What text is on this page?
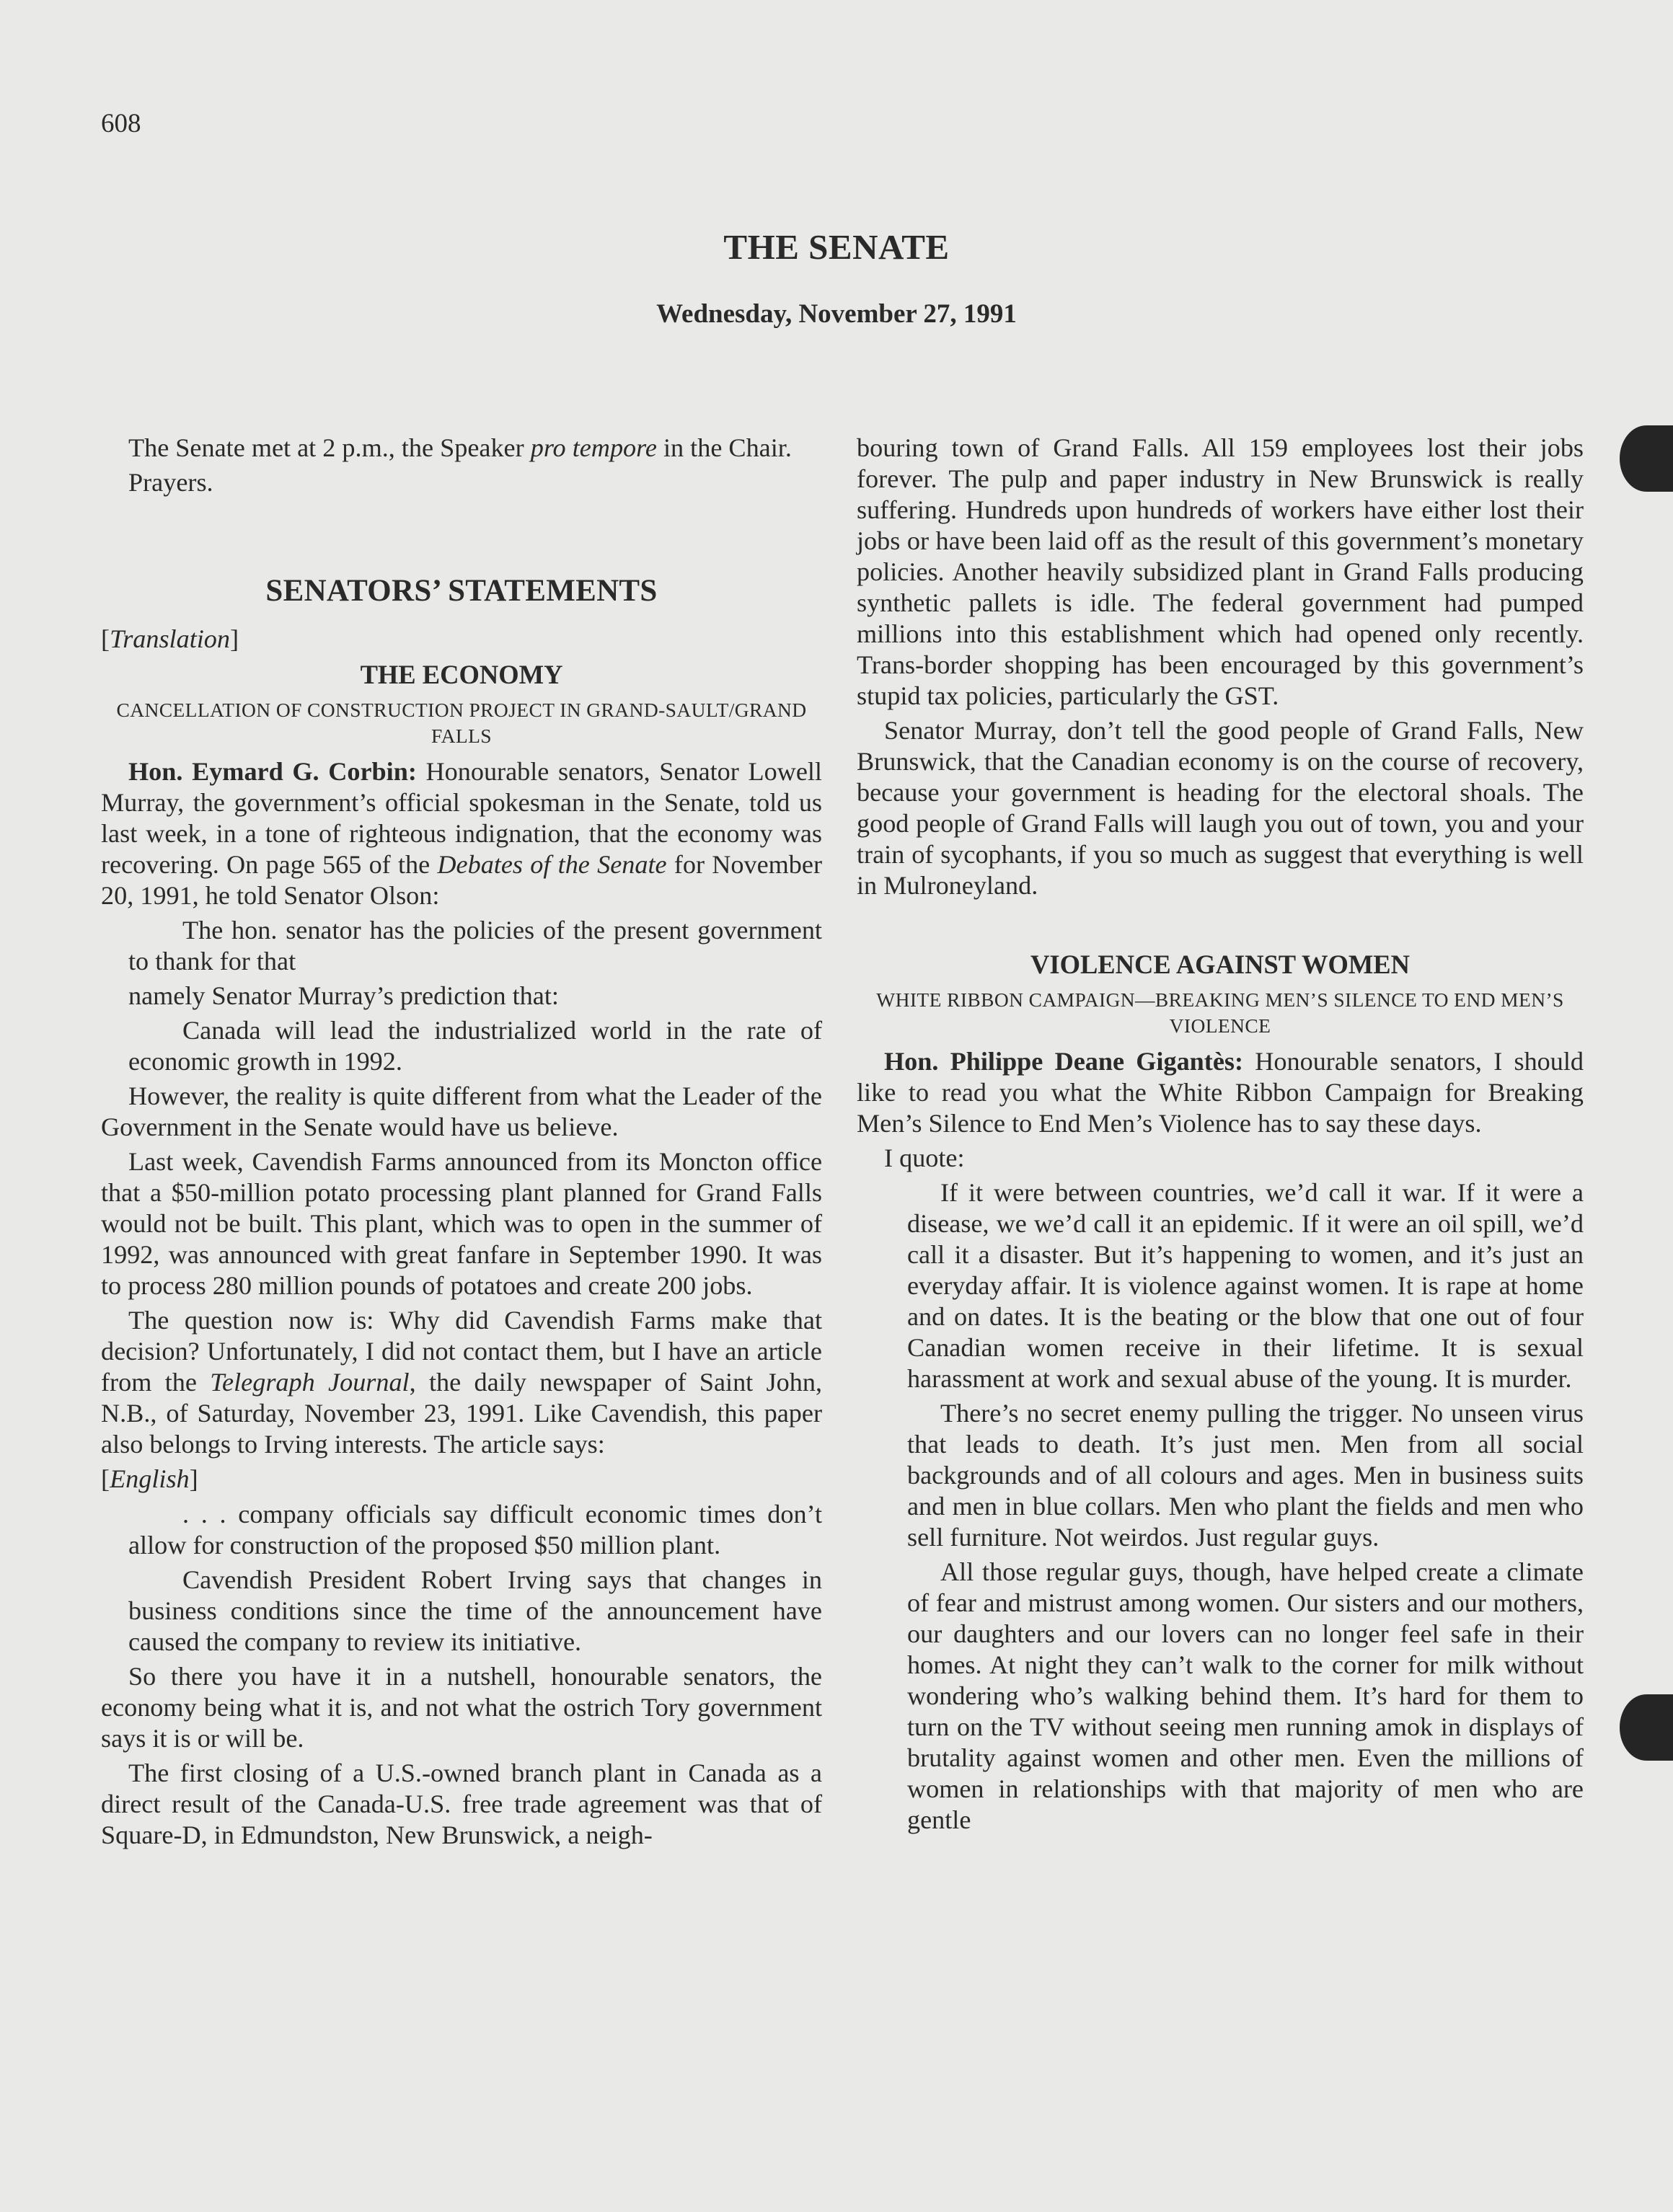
608
THE SENATE
Wednesday, November 27, 1991

The Senate met at 2 p.m., the Speaker pro tempore in the Chair.

Prayers.

SENATORS’ STATEMENTS
[Translation]
THE ECONOMY
CANCELLATION OF CONSTRUCTION PROJECT IN GRAND-SAULT/GRAND FALLS

Hon. Eymard G. Corbin: Honourable senators, Senator Lowell Murray, the government’s official spokesman in the Senate, told us last week, in a tone of righteous indignation, that the economy was recovering. On page 565 of the Debates of the Senate for November 20, 1991, he told Senator Olson:

The hon. senator has the policies of the present government to thank for that

namely Senator Murray’s prediction that:

Canada will lead the industrialized world in the rate of economic growth in 1992.

However, the reality is quite different from what the Leader of the Government in the Senate would have us believe.

Last week, Cavendish Farms announced from its Moncton office that a $50-million potato processing plant planned for Grand Falls would not be built. This plant, which was to open in the summer of 1992, was announced with great fanfare in September 1990. It was to process 280 million pounds of potatoes and create 200 jobs.

The question now is: Why did Cavendish Farms make that decision? Unfortunately, I did not contact them, but I have an article from the Telegraph Journal, the daily newspaper of Saint John, N.B., of Saturday, November 23, 1991. Like Cavendish, this paper also belongs to Irving interests. The article says:

[English]
. . . company officials say difficult economic times don’t allow for construction of the proposed $50 million plant.
Cavendish President Robert Irving says that changes in business conditions since the time of the announcement have caused the company to review its initiative.

So there you have it in a nutshell, honourable senators, the economy being what it is, and not what the ostrich Tory government says it is or will be.

The first closing of a U.S.-owned branch plant in Canada as a direct result of the Canada-U.S. free trade agreement was that of Square-D, in Edmundston, New Brunswick, a neigh-

bouring town of Grand Falls. All 159 employees lost their jobs forever. The pulp and paper industry in New Brunswick is really suffering. Hundreds upon hundreds of workers have either lost their jobs or have been laid off as the result of this government’s monetary policies. Another heavily subsidized plant in Grand Falls producing synthetic pallets is idle. The federal government had pumped millions into this establishment which had opened only recently. Trans-border shopping has been encouraged by this government’s stupid tax policies, particularly the GST.

Senator Murray, don’t tell the good people of Grand Falls, New Brunswick, that the Canadian economy is on the course of recovery, because your government is heading for the electoral shoals. The good people of Grand Falls will laugh you out of town, you and your train of sycophants, if you so much as suggest that everything is well in Mulroneyland.

VIOLENCE AGAINST WOMEN
WHITE RIBBON CAMPAIGN—BREAKING MEN’S SILENCE TO END MEN’S VIOLENCE

Hon. Philippe Deane Gigantès: Honourable senators, I should like to read you what the White Ribbon Campaign for Breaking Men’s Silence to End Men’s Violence has to say these days.

I quote:

If it were between countries, we’d call it war. If it were a disease, we we’d call it an epidemic. If it were an oil spill, we’d call it a disaster. But it’s happening to women, and it’s just an everyday affair. It is violence against women. It is rape at home and on dates. It is the beating or the blow that one out of four Canadian women receive in their lifetime. It is sexual harassment at work and sexual abuse of the young. It is murder.
There’s no secret enemy pulling the trigger. No unseen virus that leads to death. It’s just men. Men from all social backgrounds and of all colours and ages. Men in business suits and men in blue collars. Men who plant the fields and men who sell furniture. Not weirdos. Just regular guys.
All those regular guys, though, have helped create a climate of fear and mistrust among women. Our sisters and our mothers, our daughters and our lovers can no longer feel safe in their homes. At night they can’t walk to the corner for milk without wondering who’s walking behind them. It’s hard for them to turn on the TV without seeing men running amok in displays of brutality against women and other men. Even the millions of women in relationships with that majority of men who are gentle
